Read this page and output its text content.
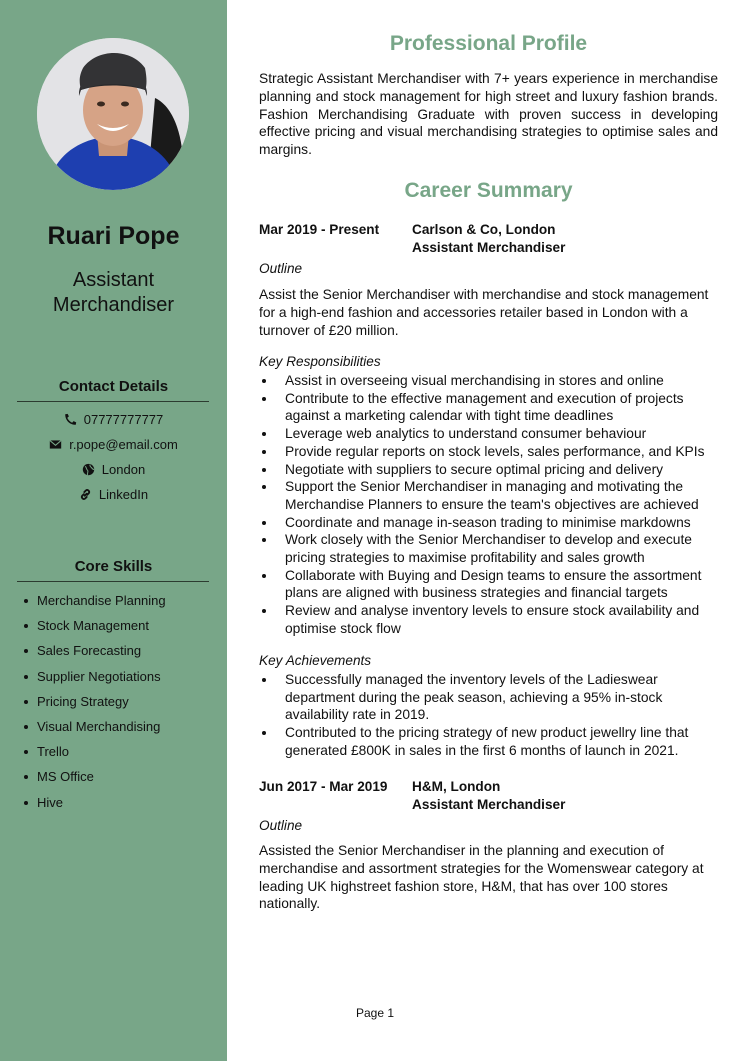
Ruari Pope
Assistant
Merchandiser
Contact Details
07777777777
r.pope@email.com
London
LinkedIn
Core Skills
Merchandise Planning
Stock Management
Sales Forecasting
Supplier Negotiations
Pricing Strategy
Visual Merchandising
Trello
MS Office
Hive
Professional Profile

Strategic Assistant Merchandiser with 7+ years experience in merchandise planning and stock management for high street and luxury fashion brands. Fashion Merchandising Graduate with proven success in developing effective pricing and visual merchandising strategies to optimise sales and margins.

Career Summary
Mar 2019 - Present Carlson & Co, London
Assistant Merchandiser
Outline

Assist the Senior Merchandiser with merchandise and stock management for a high-end fashion and accessories retailer based in London with a turnover of £20 million.

Key Responsibilities
Assist in overseeing visual merchandising in stores and online
Contribute to the effective management and execution of projects against a marketing calendar with tight time deadlines
Leverage web analytics to understand consumer behaviour
Provide regular reports on stock levels, sales performance, and KPIs
Negotiate with suppliers to secure optimal pricing and delivery
Support the Senior Merchandiser in managing and motivating the Merchandise Planners to ensure the team's objectives are achieved
Coordinate and manage in-season trading to minimise markdowns
Work closely with the Senior Merchandiser to develop and execute pricing strategies to maximise profitability and sales growth
Collaborate with Buying and Design teams to ensure the assortment plans are aligned with business strategies and financial targets
Review and analyse inventory levels to ensure stock availability and optimise stock flow
Key Achievements
Successfully managed the inventory levels of the Ladieswear department during the peak season, achieving a 95% in-stock availability rate in 2019.
Contributed to the pricing strategy of new product jewellry line that generated £800K in sales in the first 6 months of launch in 2021.
Jun 2017 - Mar 2019 H&M, London
Assistant Merchandiser
Outline

Assisted the Senior Merchandiser in the planning and execution of merchandise and assortment strategies for the Womenswear category at leading UK highstreet fashion store, H&M, that has over 100 stores nationally.

Page 1
